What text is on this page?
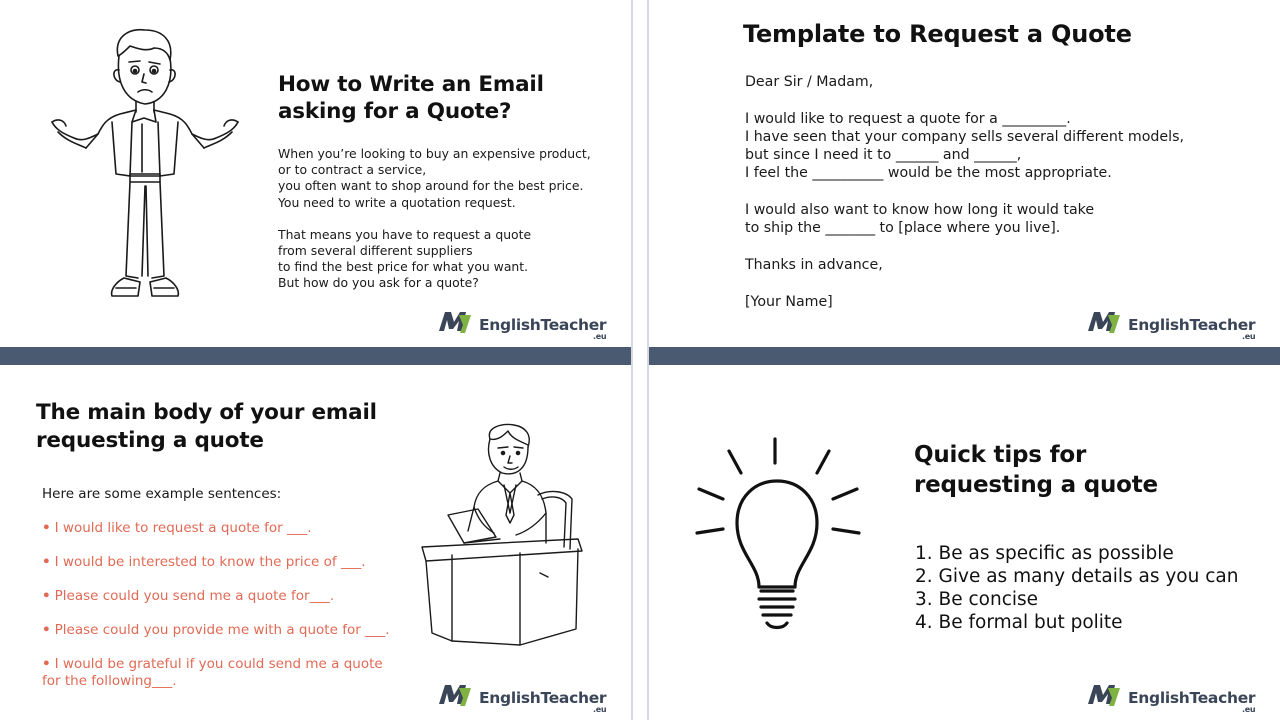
How to Write an Email
asking for a Quote?
When you’re looking to buy an expensive product,
or to contract a service,
you often want to shop around for the best price.
You need to write a quotation request.
That means you have to request a quote
from several different suppliers
to find the best price for what you want.
But how do you ask for a quote?
EnglishTeacher
.eu
Template to Request a Quote
Dear Sir / Madam,

I would like to request a quote for a _________.
I have seen that your company sells several different models,
but since I need it to ______ and ______,
I feel the __________ would be the most appropriate.

I would also want to know how long it would take
to ship the _______ to [place where you live].

Thanks in advance,

[Your Name]
EnglishTeacher
.eu
The main body of your email
requesting a quote
Here are some example sentences:
• I would like to request a quote for ___.
• I would be interested to know the price of ___.
• Please could you send me a quote for___.
• Please could you provide me with a quote for ___.
• I would be grateful if you could send me a quote
for the following___.
EnglishTeacher
.eu
Quick tips for
requesting a quote
1. Be as specific as possible
2. Give as many details as you can
3. Be concise
4. Be formal but polite
EnglishTeacher
.eu
